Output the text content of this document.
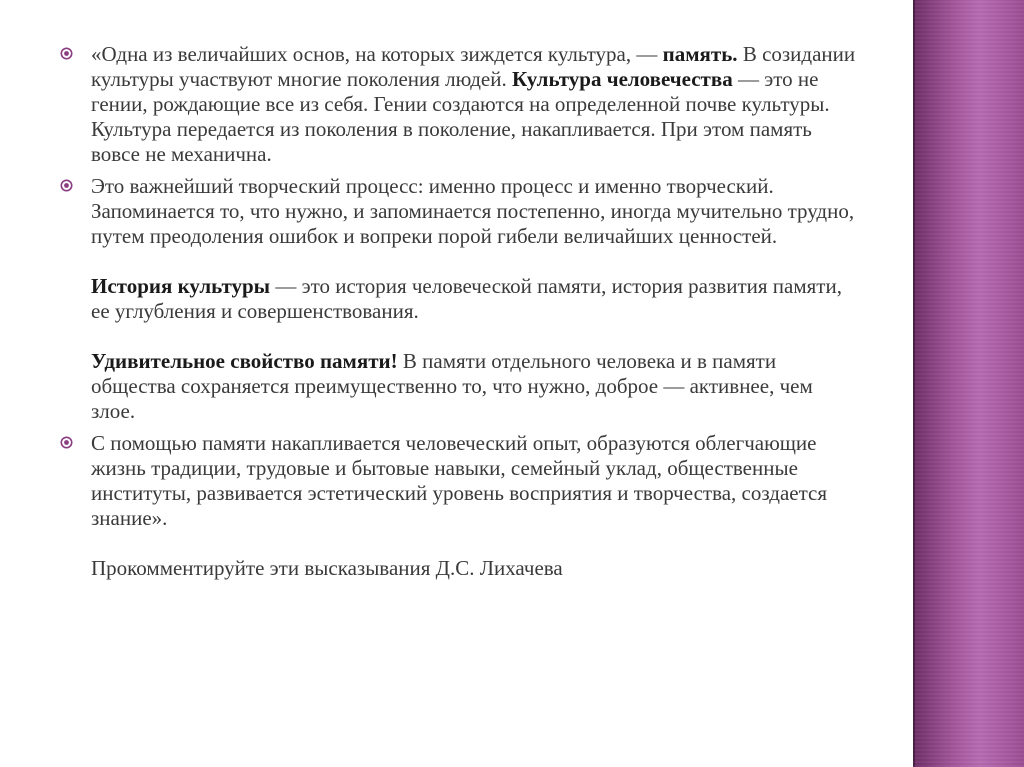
«Одна из величайших основ, на которых зиждется культура, — память. В созидании культуры участвуют многие поколения людей. Культура человечества — это не гении, рождающие все из себя. Гении создаются на определенной почве культуры. Культура передается из поколения в поколение, накапливается. При этом память вовсе не механична.

Это важнейший творческий процесс: именно процесс и именно творческий. Запоминается то, что нужно, и запоминается постепенно, иногда мучительно трудно, путем преодоления ошибок и вопреки порой гибели величайших ценностей.

История культуры — это история человеческой памяти, история развития памяти, ее углубления и совершенствования.

Удивительное свойство памяти! В памяти отдельного человека и в памяти общества сохраняется преимущественно то, что нужно, доброе — активнее, чем злое.

С помощью памяти накапливается человеческий опыт, образуются облегчающие жизнь традиции, трудовые и бытовые навыки, семейный уклад, общественные институты, развивается эстетический уровень восприятия и творчества, создается знание».

Прокомментируйте эти высказывания Д.С. Лихачева
